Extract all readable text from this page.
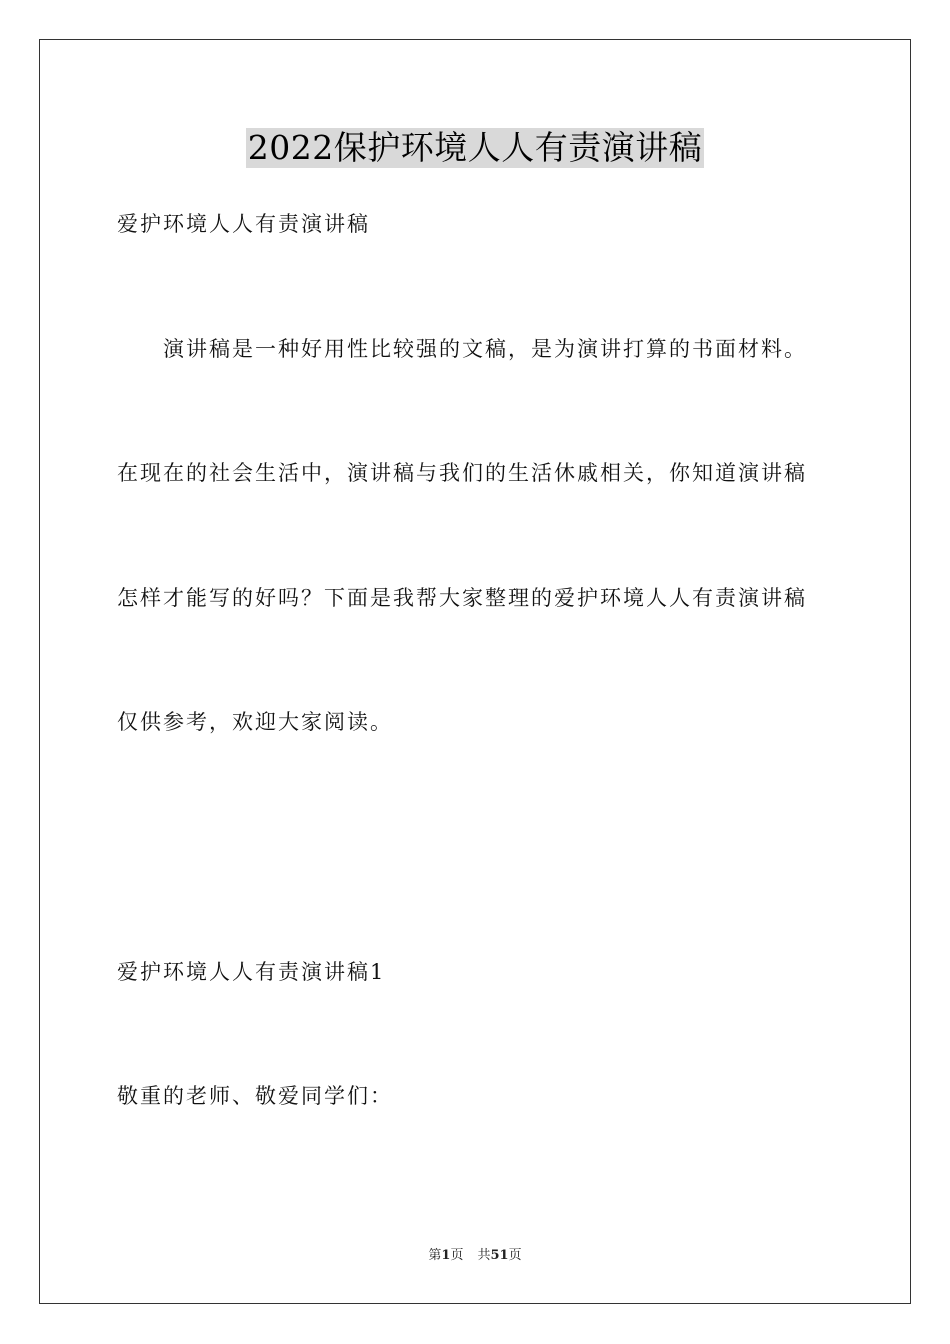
2022保护环境人人有责演讲稿
爱护环境人人有责演讲稿
演讲稿是一种好用性比较强的文稿，是为演讲打算的书面材料。
在现在的社会生活中，演讲稿与我们的生活休戚相关，你知道演讲稿
怎样才能写的好吗？下面是我帮大家整理的爱护环境人人有责演讲稿
仅供参考，欢迎大家阅读。
爱护环境人人有责演讲稿1
敬重的老师、敬爱同学们：
第1页 共51页
